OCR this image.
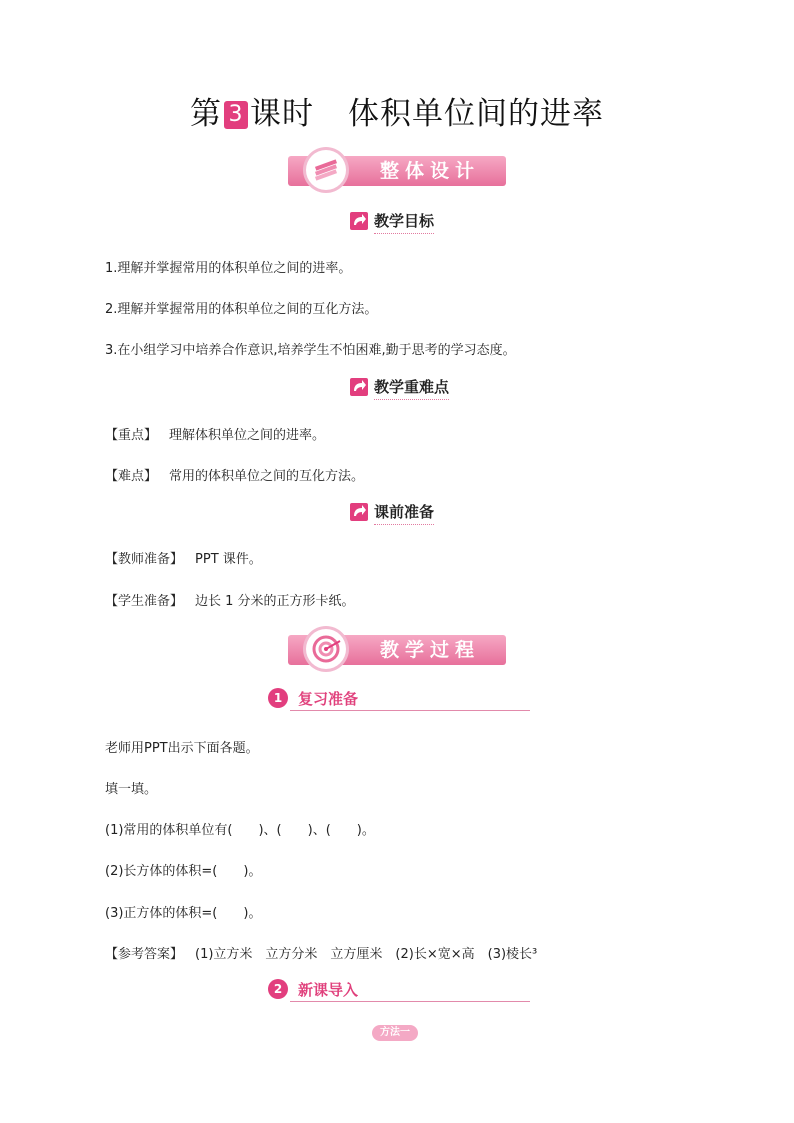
第 3 课时 体积单位间的进率
整体设计
教学目标
1.理解并掌握常用的体积单位之间的进率。
2.理解并掌握常用的体积单位之间的互化方法。
3.在小组学习中培养合作意识,培养学生不怕困难,勤于思考的学习态度。
教学重难点
【重点】 理解体积单位之间的进率。
【难点】 常用的体积单位之间的互化方法。
课前准备
【教师准备】 PPT 课件。
【学生准备】 边长 1 分米的正方形卡纸。
教学过程
1	复习准备
老师用PPT出示下面各题。
填一填。
(1)常用的体积单位有(　　)、(　　)、(　　)。
(2)长方体的体积=(　　)。
(3)正方体的体积=(　　)。
【参考答案】 (1)立方米　立方分米　立方厘米　(2)长×宽×高　(3)棱长³
2	新课导入
方法一
